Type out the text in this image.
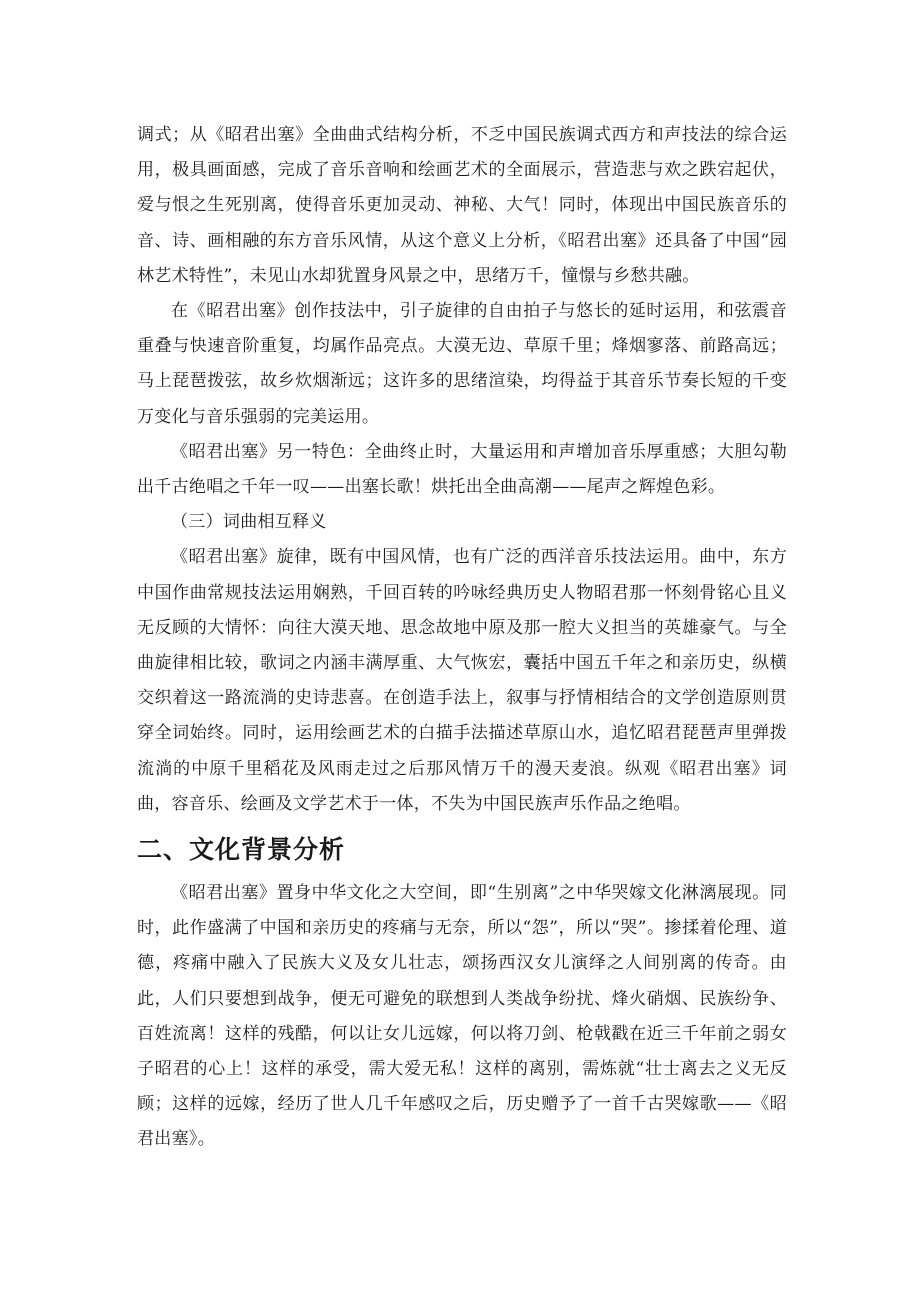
调式；从《昭君出塞》全曲曲式结构分析，不乏中国民族调式西方和声技法的综合运用，极具画面感，完成了音乐音响和绘画艺术的全面展示，营造悲与欢之跌宕起伏，爱与恨之生死别离，使得音乐更加灵动、神秘、大气！同时，体现出中国民族音乐的音、诗、画相融的东方音乐风情，从这个意义上分析，《昭君出塞》还具备了中国“园林艺术特性”，未见山水却犹置身风景之中，思绪万千，憧憬与乡愁共融。

在《昭君出塞》创作技法中，引子旋律的自由拍子与悠长的延时运用，和弦震音重叠与快速音阶重复，均属作品亮点。大漠无边、草原千里；烽烟寥落、前路高远；马上琵琶拨弦，故乡炊烟渐远；这许多的思绪渲染，均得益于其音乐节奏长短的千变万变化与音乐强弱的完美运用。

《昭君出塞》另一特色：全曲终止时，大量运用和声增加音乐厚重感；大胆勾勒出千古绝唱之千年一叹——出塞长歌！烘托出全曲高潮——尾声之辉煌色彩。

（三）词曲相互释义

《昭君出塞》旋律，既有中国风情，也有广泛的西洋音乐技法运用。曲中，东方中国作曲常规技法运用娴熟，千回百转的吟咏经典历史人物昭君那一怀刻骨铭心且义无反顾的大情怀：向往大漠天地、思念故地中原及那一腔大义担当的英雄豪气。与全曲旋律相比较，歌词之内涵丰满厚重、大气恢宏，囊括中国五千年之和亲历史，纵横交织着这一路流淌的史诗悲喜。在创造手法上，叙事与抒情相结合的文学创造原则贯穿全词始终。同时，运用绘画艺术的白描手法描述草原山水，追忆昭君琵琶声里弹拨流淌的中原千里稻花及风雨走过之后那风情万千的漫天麦浪。纵观《昭君出塞》词曲，容音乐、绘画及文学艺术于一体，不失为中国民族声乐作品之绝唱。

二、文化背景分析

《昭君出塞》置身中华文化之大空间，即“生别离”之中华哭嫁文化淋漓展现。同时，此作盛满了中国和亲历史的疼痛与无奈，所以“怨”，所以“哭”。掺揉着伦理、道德，疼痛中融入了民族大义及女儿壮志，颂扬西汉女儿演绎之人间别离的传奇。由此，人们只要想到战争，便无可避免的联想到人类战争纷扰、烽火硝烟、民族纷争、百姓流离！这样的残酷，何以让女儿远嫁，何以将刀剑、枪戟戳在近三千年前之弱女子昭君的心上！这样的承受，需大爱无私！这样的离别，需炼就“壮士离去之义无反顾；这样的远嫁，经历了世人几千年感叹之后，历史赠予了一首千古哭嫁歌——《昭君出塞》。
